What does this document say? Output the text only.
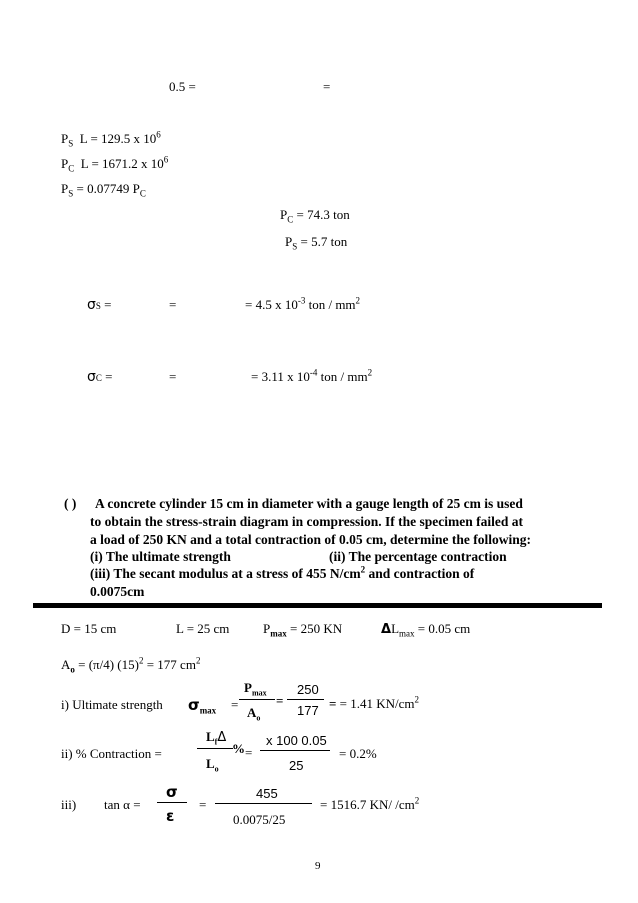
0.5 =	=
$P_S$ L = 129.5 x $10^6$
$P_C$ L = 1671.2 x $10^6$
$P_S = 0.07749$ $P_C$
$P_C = 74.3$ ton
$P_S = 5.7$ ton
σS =	=	= 4.5 x $10^{-3}$ ton / $mm^2$
σC =	=	= 3.11 x $10^{-4}$ ton / $mm^2$
( ) A concrete cylinder 15 cm in diameter with a gauge length of 25 cm is used
to obtain the stress-strain diagram in compression. If the specimen failed at
a load of 250 KN and a total contraction of 0.05 cm, determine the following:
(i) The ultimate strength	(ii) The percentage contraction
(iii) The secant modulus at a stress of 455 $N/cm^2$ and contraction of
0.0075cm
D = 15 cm	L = 25 cm	$P_{max} = 250$ KN	$\Delta L_{max} = 0.05$ cm
$A_o = (\pi/4) (15)^2 = 177$ $cm^2$
i) Ultimate strength $\sigma_{max}$ =
$P_{max}$
$A_o$
=
250
177 = = 1.41 $KN/cm^2$
ii) % Contraction =
$L_f\Delta$
%
$L_o$
=
x 100 0.05
25
= 0.2%
iii) tan α =
σ
ε
=
455
0.0075/25
= 1516.7 KN/ $/cm^2$
9
